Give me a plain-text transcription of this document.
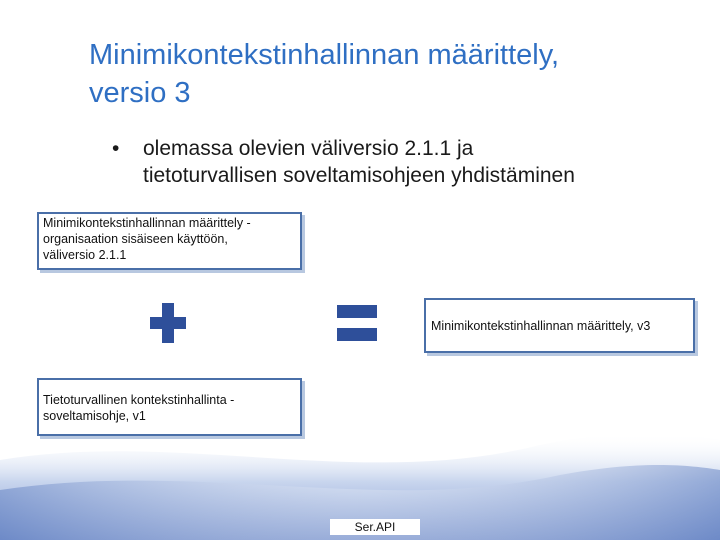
Minimikontekstinhallinnan määrittely,
versio 3
•	olemassa olevien väliversio 2.1.1 ja
tietoturvallisen soveltamisohjeen yhdistäminen
Minimikontekstinhallinnan määrittely -
organisaation sisäiseen käyttöön,
väliversio 2.1.1
Minimikontekstinhallinnan määrittely, v3
Tietoturvallinen kontekstinhallinta -
soveltamisohje, v1
Ser.API
